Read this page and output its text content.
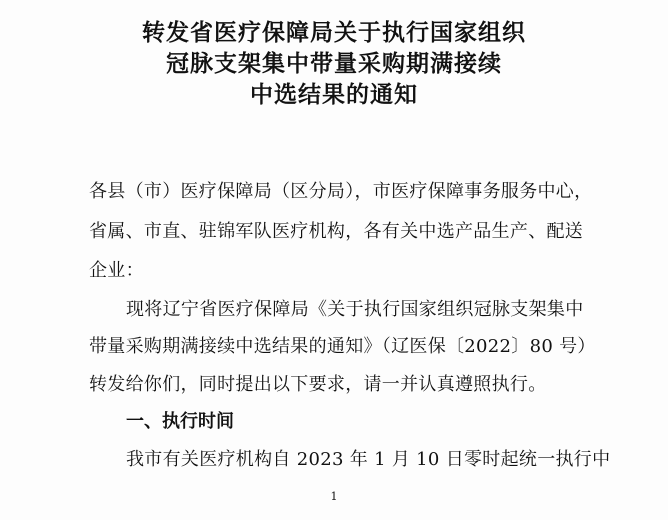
转发省医疗保障局关于执行国家组织
冠脉支架集中带量采购期满接续
中选结果的通知
各县（市）医疗保障局（区分局），市医疗保障事务服务中心，
省属、市直、驻锦军队医疗机构，各有关中选产品生产、配送
企业：
现将辽宁省医疗保障局《关于执行国家组织冠脉支架集中
带量采购期满接续中选结果的通知》（辽医保〔2022〕80 号）
转发给你们，同时提出以下要求，请一并认真遵照执行。
一、执行时间
我市有关医疗机构自 2023 年 1 月 10 日零时起统一执行中
1
